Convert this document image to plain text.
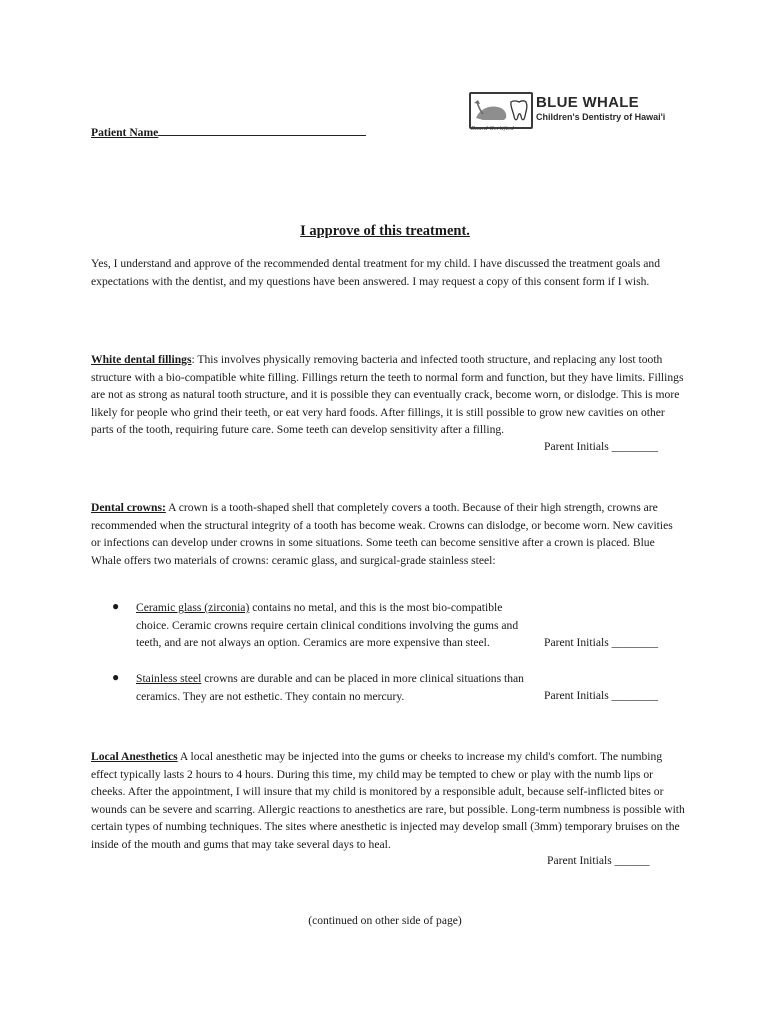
BLUE WHALE
Children's Dentistry of Hawai'i
Board Certified
Patient Name
I approve of this treatment.
Yes, I understand and approve of the recommended dental treatment for my child. I have discussed the treatment goals and expectations with the dentist, and my questions have been answered. I may request a copy of this consent form if I wish.
White dental fillings: This involves physically removing bacteria and infected tooth structure, and replacing any lost tooth structure with a bio-compatible white filling. Fillings return the teeth to normal form and function, but they have limits. Fillings are not as strong as natural tooth structure, and it is possible they can eventually crack, become worn, or dislodge. This is more likely for people who grind their teeth, or eat very hard foods. After fillings, it is still possible to grow new cavities on other parts of the tooth, requiring future care. Some teeth can develop sensitivity after a filling.
Parent Initials ________
Dental crowns: A crown is a tooth-shaped shell that completely covers a tooth. Because of their high strength, crowns are recommended when the structural integrity of a tooth has become weak. Crowns can dislodge, or become worn. New cavities or infections can develop under crowns in some situations. Some teeth can become sensitive after a crown is placed. Blue Whale offers two materials of crowns: ceramic glass, and surgical-grade stainless steel:
● Ceramic glass (zirconia) contains no metal, and this is the most bio-compatible choice. Ceramic crowns require certain clinical conditions involving the gums and teeth, and are not always an option. Ceramics are more expensive than steel.	Parent Initials ________
● Stainless steel crowns are durable and can be placed in more clinical situations than ceramics. They are not esthetic. They contain no mercury.	Parent Initials ________
Local Anesthetics A local anesthetic may be injected into the gums or cheeks to increase my child's comfort. The numbing effect typically lasts 2 hours to 4 hours. During this time, my child may be tempted to chew or play with the numb lips or cheeks. After the appointment, I will insure that my child is monitored by a responsible adult, because self-inflicted bites or wounds can be severe and scarring. Allergic reactions to anesthetics are rare, but possible. Long-term numbness is possible with certain types of numbing techniques. The sites where anesthetic is injected may develop small (3mm) temporary bruises on the inside of the mouth and gums that may take several days to heal.
Parent Initials ______
(continued on other side of page)
